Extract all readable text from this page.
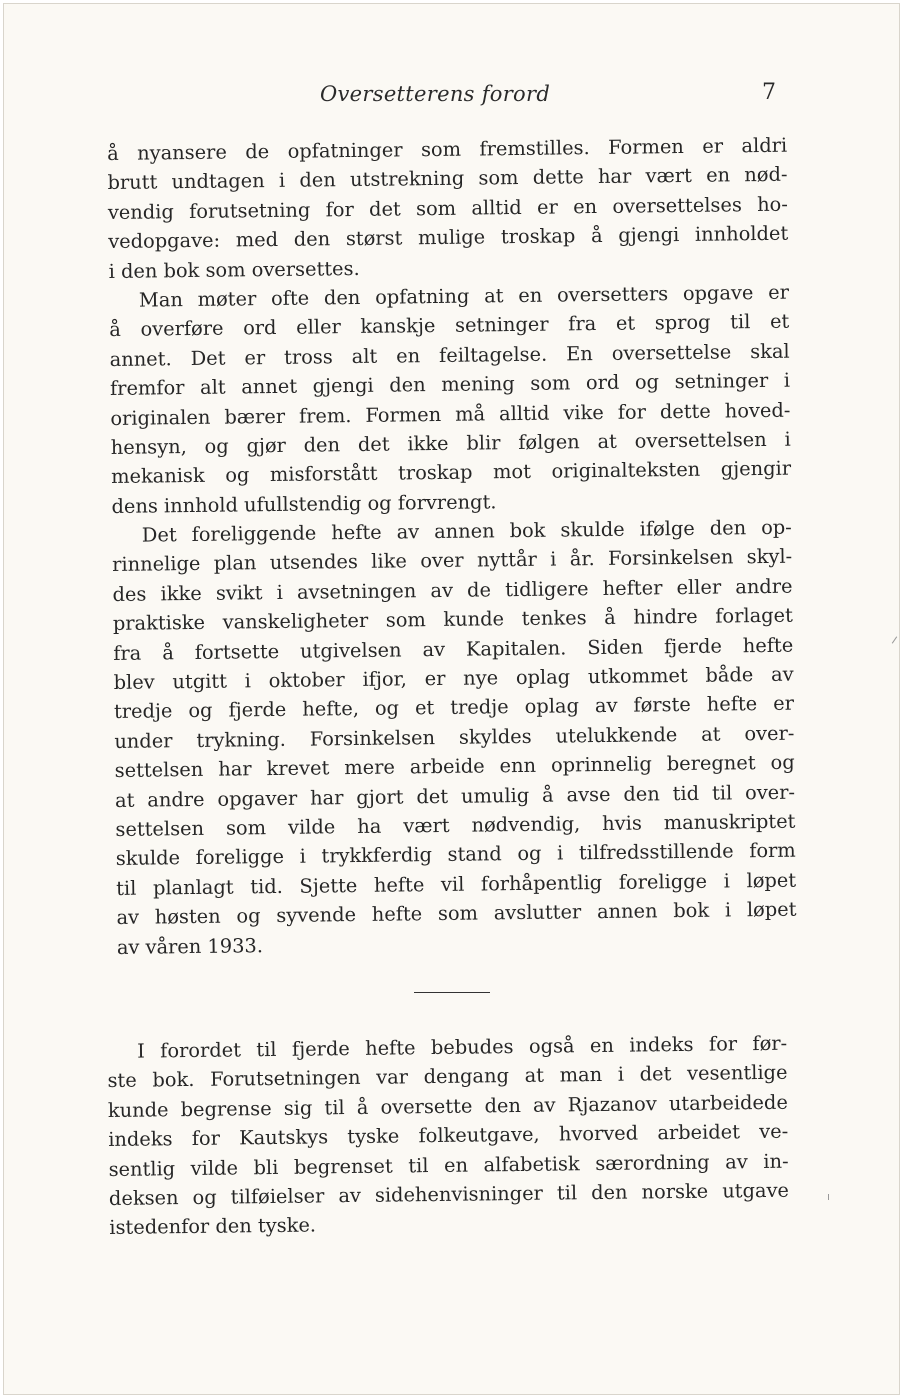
Oversetterens forord	7
å nyansere de opfatninger som fremstilles. Formen er aldri
brutt undtagen i den utstrekning som dette har vært en nød-
vendig forutsetning for det som alltid er en oversettelses ho-
vedopgave: med den størst mulige troskap å gjengi innholdet
i den bok som oversettes.
Man møter ofte den opfatning at en oversetters opgave er
å overføre ord eller kanskje setninger fra et sprog til et
annet. Det er tross alt en feiltagelse. En oversettelse skal
fremfor alt annet gjengi den mening som ord og setninger i
originalen bærer frem. Formen må alltid vike for dette hoved-
hensyn, og gjør den det ikke blir følgen at oversettelsen i
mekanisk og misforstått troskap mot originalteksten gjengir
dens innhold ufullstendig og forvrengt.
Det foreliggende hefte av annen bok skulde ifølge den op-
rinnelige plan utsendes like over nyttår i år. Forsinkelsen skyl-
des ikke svikt i avsetningen av de tidligere hefter eller andre
praktiske vanskeligheter som kunde tenkes å hindre forlaget
fra å fortsette utgivelsen av Kapitalen. Siden fjerde hefte
blev utgitt i oktober ifjor, er nye oplag utkommet både av
tredje og fjerde hefte, og et tredje oplag av første hefte er
under trykning. Forsinkelsen skyldes utelukkende at over-
settelsen har krevet mere arbeide enn oprinnelig beregnet og
at andre opgaver har gjort det umulig å avse den tid til over-
settelsen som vilde ha vært nødvendig, hvis manuskriptet
skulde foreligge i trykkferdig stand og i tilfredsstillende form
til planlagt tid. Sjette hefte vil forhåpentlig foreligge i løpet
av høsten og syvende hefte som avslutter annen bok i løpet
av våren 1933.
I forordet til fjerde hefte bebudes også en indeks for før-
ste bok. Forutsetningen var dengang at man i det vesentlige
kunde begrense sig til å oversette den av Rjazanov utarbeidede
indeks for Kautskys tyske folkeutgave, hvorved arbeidet ve-
sentlig vilde bli begrenset til en alfabetisk særordning av in-
deksen og tilføielser av sidehenvisninger til den norske utgave
istedenfor den tyske.
